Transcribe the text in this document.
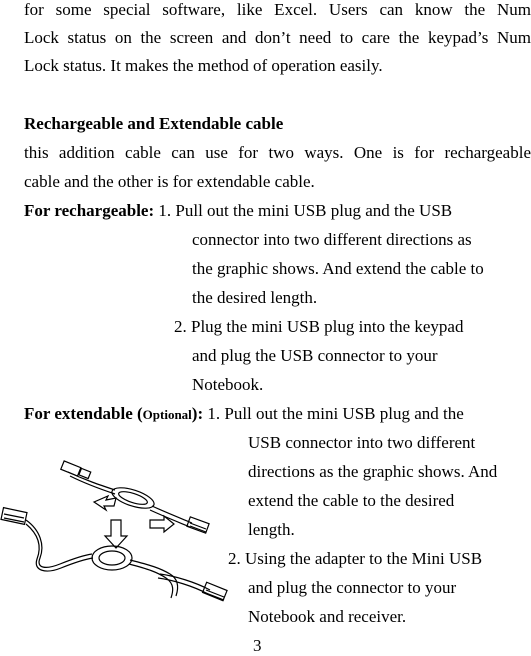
for some special software, like Excel. Users can know the Num
Lock status on the screen and don’t need to care the keypad’s Num
Lock status. It makes the method of operation easily.
Rechargeable and Extendable cable
this addition cable can use for two ways. One is for rechargeable
cable and the other is for extendable cable.
For rechargeable: 1. Pull out the mini USB plug and the USB
connector into two different directions as
the graphic shows. And extend the cable to
the desired length.
2. Plug the mini USB plug into the keypad
and plug the USB connector to your
Notebook.
For extendable (Optional): 1. Pull out the mini USB plug and the
USB connector into two different
directions as the graphic shows. And
extend the cable to the desired
length.
2. Using the adapter to the Mini USB
and plug the connector to your
Notebook and receiver.
3
